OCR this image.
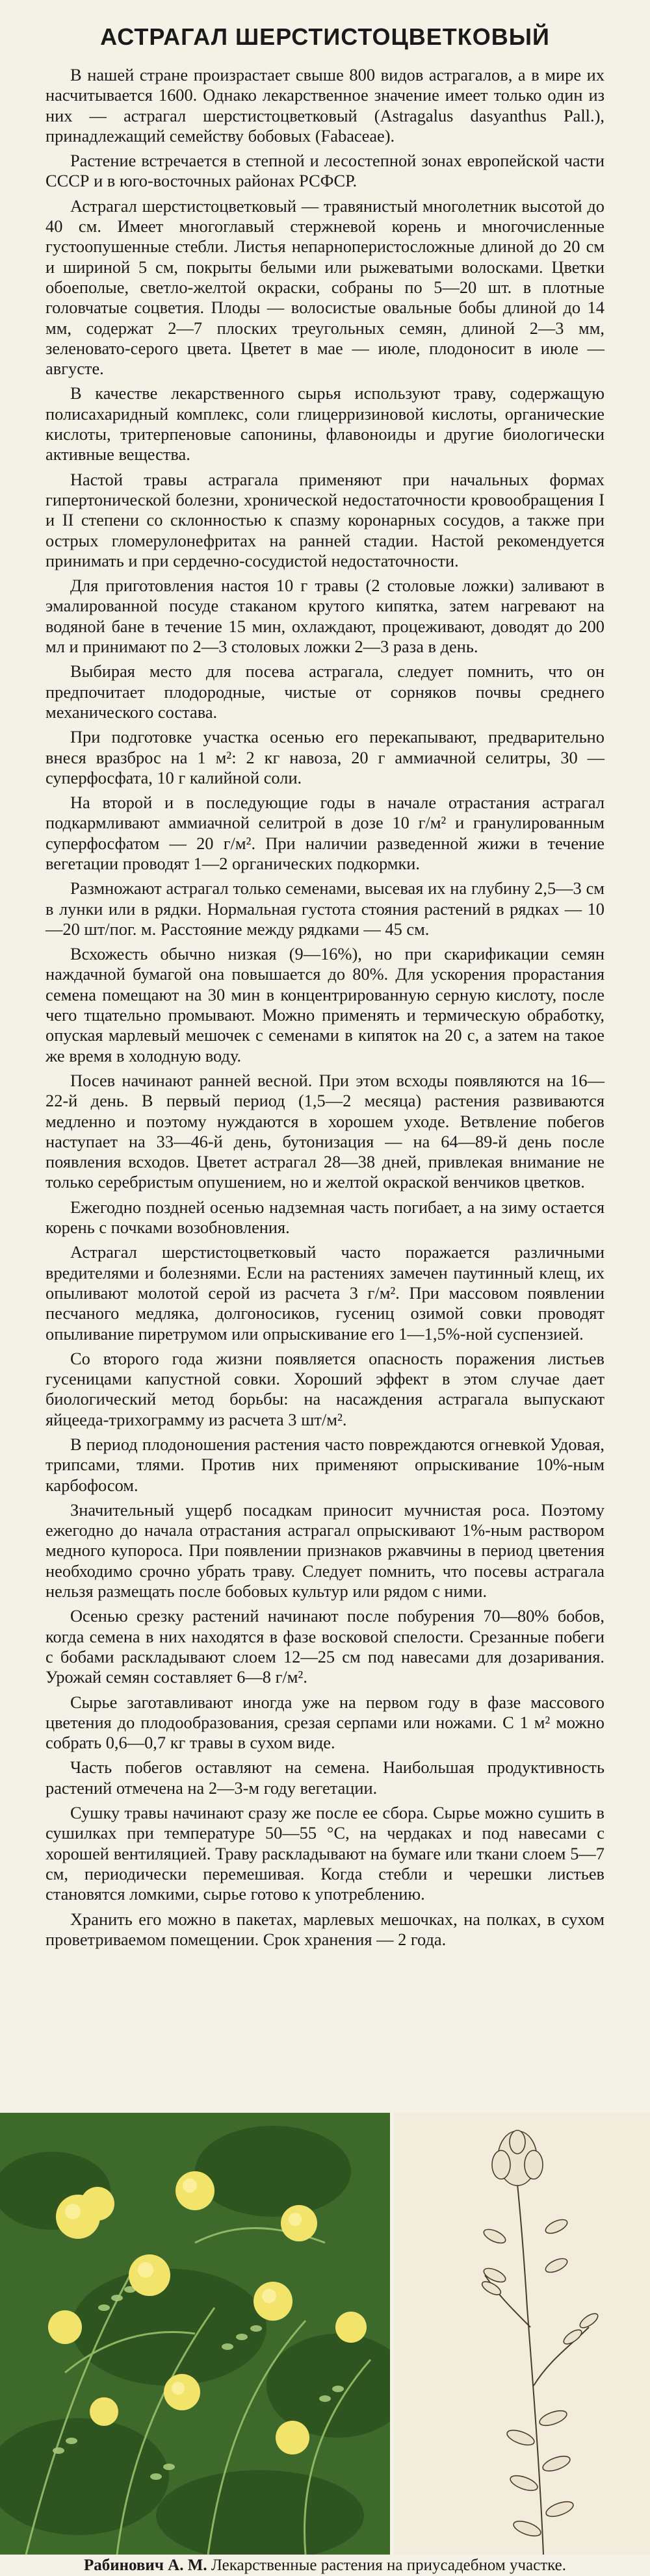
АСТРАГАЛ ШЕРСТИСТОЦВЕТКОВЫЙ

В нашей стране произрастает свыше 800 видов астрагалов, а в мире их насчитывается 1600. Однако лекарственное значение имеет только один из них — астрагал шерстистоцветковый (Astragalus dasyanthus Pall.), принадлежащий семейству бобовых (Fabaceae).

Растение встречается в степной и лесостепной зонах европейской части СССР и в юго-восточных районах РСФСР.

Астрагал шерстистоцветковый — травянистый многолетник высотой до 40 см. Имеет многоглавый стержневой корень и многочисленные густоопушенные стебли. Листья непарноперистосложные длиной до 20 см и шириной 5 см, покрыты белыми или рыжеватыми волосками. Цветки обоеполые, светло-желтой окраски, собраны по 5—20 шт. в плотные головчатые соцветия. Плоды — волосистые овальные бобы длиной до 14 мм, содержат 2—7 плоских треугольных семян, длиной 2—3 мм, зеленовато-серого цвета. Цветет в мае — июле, плодоносит в июле — августе.

В качестве лекарственного сырья используют траву, содержащую полисахаридный комплекс, соли глицерризиновой кислоты, органические кислоты, тритерпеновые сапонины, флавоноиды и другие биологически активные вещества.

Настой травы астрагала применяют при начальных формах гипертонической болезни, хронической недостаточности кровообращения I и II степени со склонностью к спазму коронарных сосудов, а также при острых гломерулонефритах на ранней стадии. Настой рекомендуется принимать и при сердечно-сосудистой недостаточности.

Для приготовления настоя 10 г травы (2 столовые ложки) заливают в эмалированной посуде стаканом крутого кипятка, затем нагревают на водяной бане в течение 15 мин, охлаждают, процеживают, доводят до 200 мл и принимают по 2—3 столовых ложки 2—3 раза в день.

Выбирая место для посева астрагала, следует помнить, что он предпочитает плодородные, чистые от сорняков почвы среднего механического состава.

При подготовке участка осенью его перекапывают, предварительно внеся вразброс на 1 м²: 2 кг навоза, 20 г аммиачной селитры, 30 — суперфосфата, 10 г калийной соли.

На второй и в последующие годы в начале отрастания астрагал подкармливают аммиачной селитрой в дозе 10 г/м² и гранулированным суперфосфатом — 20 г/м². При наличии разведенной жижи в течение вегетации проводят 1—2 органических подкормки.

Размножают астрагал только семенами, высевая их на глубину 2,5—3 см в лунки или в рядки. Нормальная густота стояния растений в рядках — 10—20 шт/пог. м. Расстояние между рядками — 45 см.

Всхожесть обычно низкая (9—16%), но при скарификации семян наждачной бумагой она повышается до 80%. Для ускорения прорастания семена помещают на 30 мин в концентрированную серную кислоту, после чего тщательно промывают. Можно применять и термическую обработку, опуская марлевый мешочек с семенами в кипяток на 20 с, а затем на такое же время в холодную воду.

Посев начинают ранней весной. При этом всходы появляются на 16—22-й день. В первый период (1,5—2 месяца) растения развиваются медленно и поэтому нуждаются в хорошем уходе. Ветвление побегов наступает на 33—46-й день, бутонизация — на 64—89-й день после появления всходов. Цветет астрагал 28—38 дней, привлекая внимание не только серебристым опушением, но и желтой окраской венчиков цветков.

Ежегодно поздней осенью надземная часть погибает, а на зиму остается корень с почками возобновления.

Астрагал шерстистоцветковый часто поражается различными вредителями и болезнями. Если на растениях замечен паутинный клещ, их опыливают молотой серой из расчета 3 г/м². При массовом появлении песчаного медляка, долгоносиков, гусениц озимой совки проводят опыливание пиретрумом или опрыскивание его 1—1,5%-ной суспензией.

Со второго года жизни появляется опасность поражения листьев гусеницами капустной совки. Хороший эффект в этом случае дает биологический метод борьбы: на насаждения астрагала выпускают яйцееда-трихограмму из расчета 3 шт/м².

В период плодоношения растения часто повреждаются огневкой Удовая, трипсами, тлями. Против них применяют опрыскивание 10%-ным карбофосом.

Значительный ущерб посадкам приносит мучнистая роса. Поэтому ежегодно до начала отрастания астрагал опрыскивают 1%-ным раствором медного купороса. При появлении признаков ржавчины в период цветения необходимо срочно убрать траву. Следует помнить, что посевы астрагала нельзя размещать после бобовых культур или рядом с ними.

Осенью срезку растений начинают после побурения 70—80% бобов, когда семена в них находятся в фазе восковой спелости. Срезанные побеги с бобами раскладывают слоем 12—25 см под навесами для дозаривания. Урожай семян составляет 6—8 г/м².

Сырье заготавливают иногда уже на первом году в фазе массового цветения до плодообразования, срезая серпами или ножами. С 1 м² можно собрать 0,6—0,7 кг травы в сухом виде.

Часть побегов оставляют на семена. Наибольшая продуктивность растений отмечена на 2—3-м году вегетации.

Сушку травы начинают сразу же после ее сбора. Сырье можно сушить в сушилках при температуре 50—55 °С, на чердаках и под навесами с хорошей вентиляцией. Траву раскладывают на бумаге или ткани слоем 5—7 см, периодически перемешивая. Когда стебли и черешки листьев становятся ломкими, сырье готово к употреблению.

Хранить его можно в пакетах, марлевых мешочках, на полках, в сухом проветриваемом помещении. Срок хранения — 2 года.

Рабинович А. М. Лекарственные растения на приусадебном участке.
